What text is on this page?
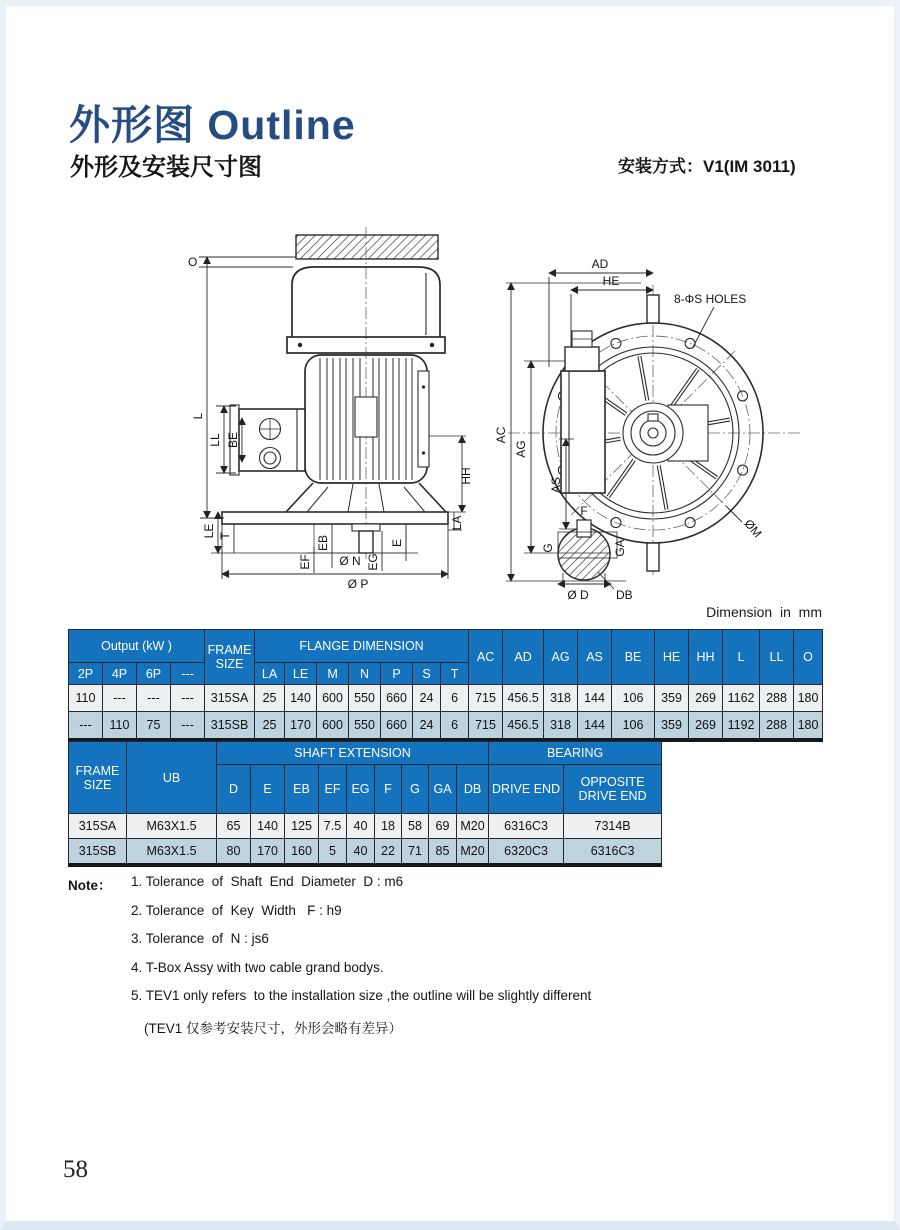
外形图 Outline
外形及安装尺寸图	安装方式：V1(IM 3011)
O
L
LL BE
LE T	EB
EF Ø N EG
E
Ø P
HH
LA
AD
HE
8-ΦS HOLES
AC
AG
AS
ØM
F
G	GA
Ø D DB
Dimension  in  mm
Output (kW )				FRAME SIZE	FLANGE DIMENSION							AC	AD	AG	AS	BE	HE	HH	L	LL	O
2P	4P	6P	---		LA	LE	M	N	P	S	T										
110	---	---	---	315SA	25	140	600	550	660	24	6	715	456.5	318	144	106	359	269	1162	288	180
---	110	75	---	315SB	25	170	600	550	660	24	6	715	456.5	318	144	106	359	269	1192	288	180
FRAME SIZE	UB	SHAFT EXTENSION									BEARING	
		D	E	EB	EF	EG	F	G	GA	DB	DRIVE END	OPPOSITE DRIVE END
315SA	M63X1.5	65	140	125	7.5	40	18	58	69	M20	6316C3	7314B
315SB	M63X1.5	80	170	160	5	40	22	71	85	M20	6320C3	6316C3
Note： 1. Tolerance  of  Shaft  End  Diameter  D : m6
2. Tolerance  of  Key  Width   F : h9
3. Tolerance  of  N : js6
4. T-Box Assy with two cable grand bodys.
5. TEV1 only refers  to the installation size ,the outline will be slightly different
(TEV1 仅参考安装尺寸，外形会略有差异）
58
